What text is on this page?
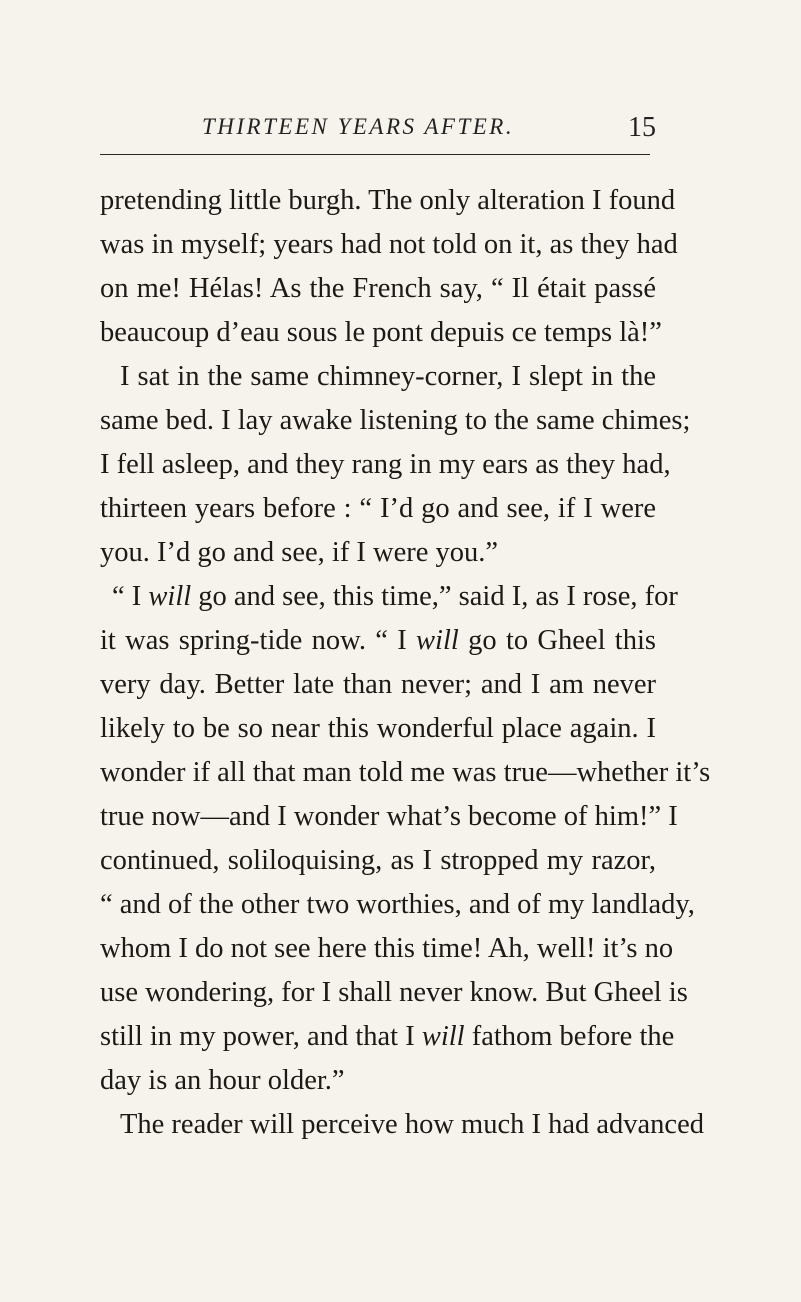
THIRTEEN YEARS AFTER.	15
pretending little burgh. The only alteration I found
was in myself; years had not told on it, as they had
on me! Hélas! As the French say, “ Il était passé
beaucoup d’eau sous le pont depuis ce temps là!”
I sat in the same chimney-corner, I slept in the
same bed. I lay awake listening to the same chimes;
I fell asleep, and they rang in my ears as they had,
thirteen years before : “ I’d go and see, if I were
you. I’d go and see, if I were you.”
“ I will go and see, this time,” said I, as I rose, for
it was spring-tide now. “ I will go to Gheel this
very day. Better late than never; and I am never
likely to be so near this wonderful place again. I
wonder if all that man told me was true—whether it’s
true now—and I wonder what’s become of him!” I
continued, soliloquising, as I stropped my razor,
“ and of the other two worthies, and of my landlady,
whom I do not see here this time! Ah, well! it’s no
use wondering, for I shall never know. But Gheel is
still in my power, and that I will fathom before the
day is an hour older.”
The reader will perceive how much I had advanced
